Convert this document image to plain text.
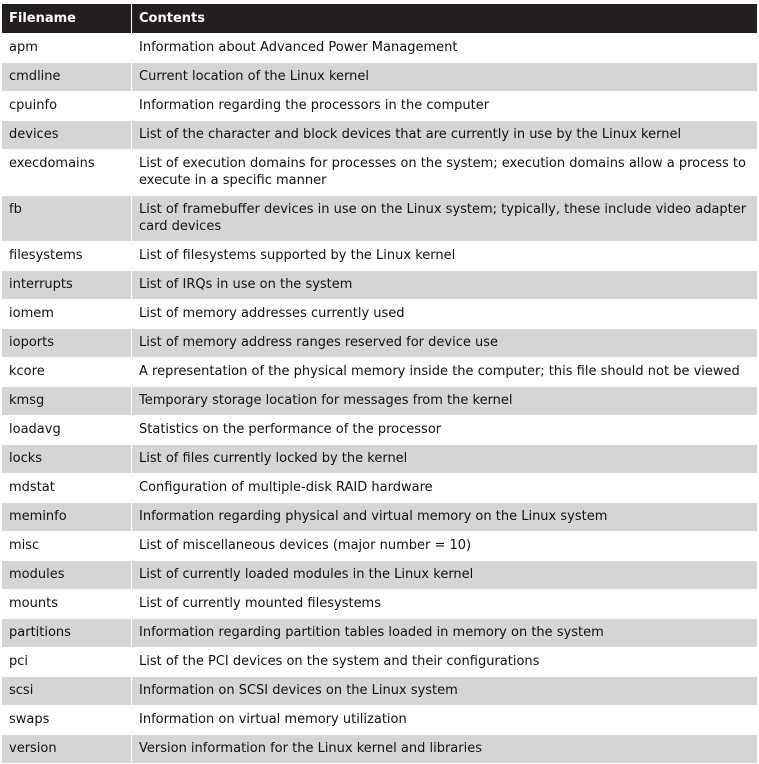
Filename	Contents
apm	Information about Advanced Power Management
cmdline	Current location of the Linux kernel
cpuinfo	Information regarding the processors in the computer
devices	List of the character and block devices that are currently in use by the Linux kernel
execdomains	List of execution domains for processes on the system; execution domains allow a process to execute in a specific manner
fb	List of framebuffer devices in use on the Linux system; typically, these include video adapter card devices
filesystems	List of filesystems supported by the Linux kernel
interrupts	List of IRQs in use on the system
iomem	List of memory addresses currently used
ioports	List of memory address ranges reserved for device use
kcore	A representation of the physical memory inside the computer; this file should not be viewed
kmsg	Temporary storage location for messages from the kernel
loadavg	Statistics on the performance of the processor
locks	List of files currently locked by the kernel
mdstat	Configuration of multiple-disk RAID hardware
meminfo	Information regarding physical and virtual memory on the Linux system
misc	List of miscellaneous devices (major number = 10)
modules	List of currently loaded modules in the Linux kernel
mounts	List of currently mounted filesystems
partitions	Information regarding partition tables loaded in memory on the system
pci	List of the PCI devices on the system and their configurations
scsi	Information on SCSI devices on the Linux system
swaps	Information on virtual memory utilization
version	Version information for the Linux kernel and libraries
